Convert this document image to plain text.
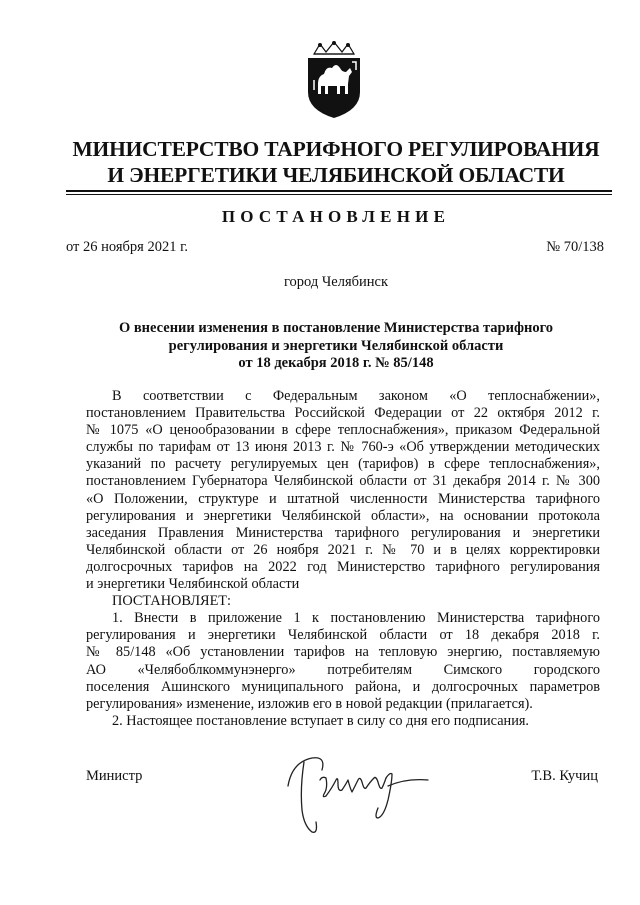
МИНИСТЕРСТВО ТАРИФНОГО РЕГУЛИРОВАНИЯ
И ЭНЕРГЕТИКИ ЧЕЛЯБИНСКОЙ ОБЛАСТИ
ПОСТАНОВЛЕНИЕ
от 26 ноября 2021 г.	№ 70/138
город Челябинск
О внесении изменения в постановление Министерства тарифного
регулирования и энергетики Челябинской области
от 18 декабря 2018 г. № 85/148
В соответствии с Федеральным законом «О теплоснабжении»,
постановлением Правительства Российской Федерации от 22 октября 2012 г.
№ 1075 «О ценообразовании в сфере теплоснабжения», приказом Федеральной
службы по тарифам от 13 июня 2013 г. № 760-э «Об утверждении методических
указаний по расчету регулируемых цен (тарифов) в сфере теплоснабжения»,
постановлением Губернатора Челябинской области от 31 декабря 2014 г. № 300
«О Положении, структуре и штатной численности Министерства тарифного
регулирования и энергетики Челябинской области», на основании протокола
заседания Правления Министерства тарифного регулирования и энергетики
Челябинской области от 26 ноября 2021 г. № 70 и в целях корректировки
долгосрочных тарифов на 2022 год Министерство тарифного регулирования
и энергетики Челябинской области
ПОСТАНОВЛЯЕТ:
1. Внести в приложение 1 к постановлению Министерства тарифного
регулирования и энергетики Челябинской области от 18 декабря 2018 г.
№ 85/148 «Об установлении тарифов на тепловую энергию, поставляемую
АО «Челябоблкоммунэнерго» потребителям Симского городского
поселения Ашинского муниципального района, и долгосрочных параметров
регулирования» изменение, изложив его в новой редакции (прилагается).
2. Настоящее постановление вступает в силу со дня его подписания.
Министр	Т.В. Кучиц
